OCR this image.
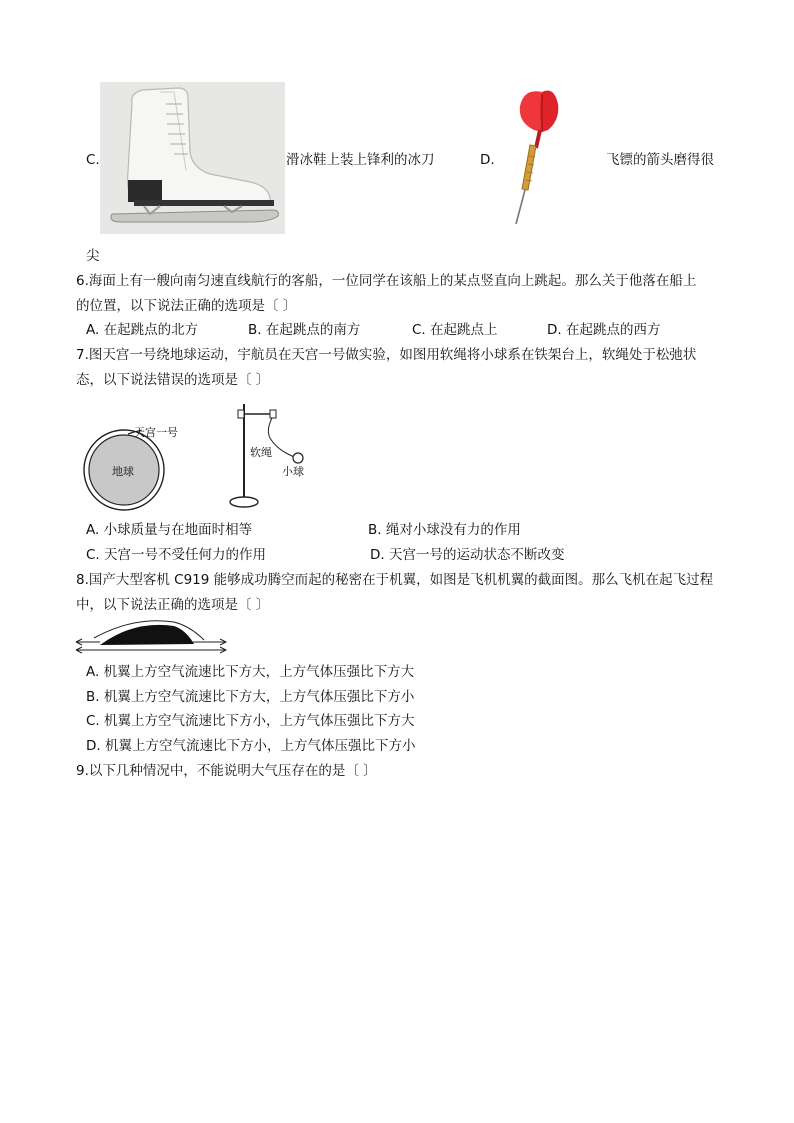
C.	滑冰鞋上装上锋利的冰刀	D.	飞镖的箭头磨得很
尖
6.海面上有一艘向南匀速直线航行的客船，一位同学在该船上的某点竖直向上跳起。那么关于他落在船上
的位置，以下说法正确的选项是〔 〕
A. 在起跳点的北方	B. 在起跳点的南方	C. 在起跳点上	D. 在起跳点的西方
7.图天宫一号绕地球运动，宇航员在天宫一号做实验，如图用软绳将小球系在铁架台上，软绳处于松弛状
态，以下说法错误的选项是〔 〕
天宫一号
地球
软绳
小球
A. 小球质量与在地面时相等	B. 绳对小球没有力的作用
C. 天宫一号不受任何力的作用	D. 天宫一号的运动状态不断改变
8.国产大型客机 C919 能够成功腾空而起的秘密在于机翼，如图是飞机机翼的截面图。那么飞机在起飞过程
中，以下说法正确的选项是〔 〕
A. 机翼上方空气流速比下方大，上方气体压强比下方大
B. 机翼上方空气流速比下方大，上方气体压强比下方小
C. 机翼上方空气流速比下方小，上方气体压强比下方大
D. 机翼上方空气流速比下方小，上方气体压强比下方小
9.以下几种情况中，不能说明大气压存在的是〔 〕
